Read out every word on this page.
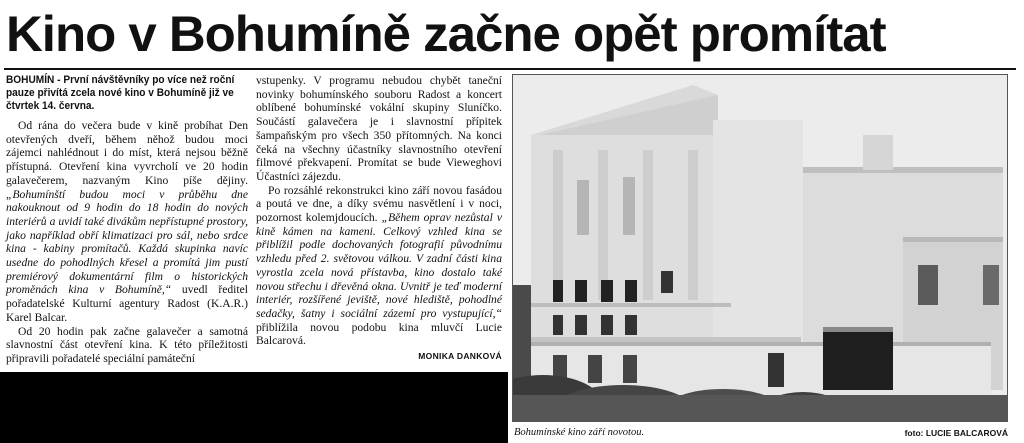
Kino v Bohumíně začne opět promítat

BOHUMÍN - První návštěvníky po více než roční pauze přivítá zcela nové kino v Bohumíně již ve čtvrtek 14. června.

Od rána do večera bude v kině probíhat Den otevřených dveří, během něhož budou moci zájemci nahlédnout i do míst, která nejsou běžně přístupná. Otevření kina vyvrcholí ve 20 hodin galavečerem, nazvaným Kino píše dějiny. „Bohumínští budou moci v průběhu dne nakouknout od 9 hodin do 18 hodin do nových interiérů a uvidí také divákům nepřístupné prostory, jako například obří klimatizaci pro sál, nebo srdce kina - kabiny promítačů. Každá skupinka navíc usedne do pohodlných křesel a promítá jim pustí premiérový dokumentární film o historických proměnách kina v Bohumíně,“ uvedl ředitel pořadatelské Kulturní agentury Radost (K.A.R.) Karel Balcar.

Od 20 hodin pak začne galavečer a samotná slavnostní část otevření kina. K této příležitosti připravili pořadatelé speciální památeční

vstupenky. V programu nebudou chybět taneční novinky bohumínského souboru Radost a koncert oblíbené bohumínské vokální skupiny Sluníčko. Součástí galavečera je i slavnostní přípitek šampaňským pro všech 350 přítomných. Na konci čeká na všechny účastníky slavnostního otevření filmové překvapení. Promítat se bude Vieweghovi Účastníci zájezdu.

Po rozsáhlé rekonstrukci kino září novou fasádou a poutá ve dne, a díky svému nasvětlení i v noci, pozornost kolemjdoucích. „Během oprav nezůstal v kině kámen na kameni. Celkový vzhled kina se přiblížil podle dochovaných fotografií původnímu vzhledu před 2. světovou válkou. V zadní části kina vyrostla zcela nová přístavba, kino dostalo také novou střechu i dřevěná okna. Uvnitř je teď moderní interiér, rozšířené jeviště, nové hlediště, pohodlné sedačky, šatny i sociální zázemí pro vystupující,“ přiblížila novou podobu kina mluvčí Lucie Balcarová.

MONIKA DANKOVÁ
Bohumínské kino září novotou.	foto: LUCIE BALCAROVÁ
